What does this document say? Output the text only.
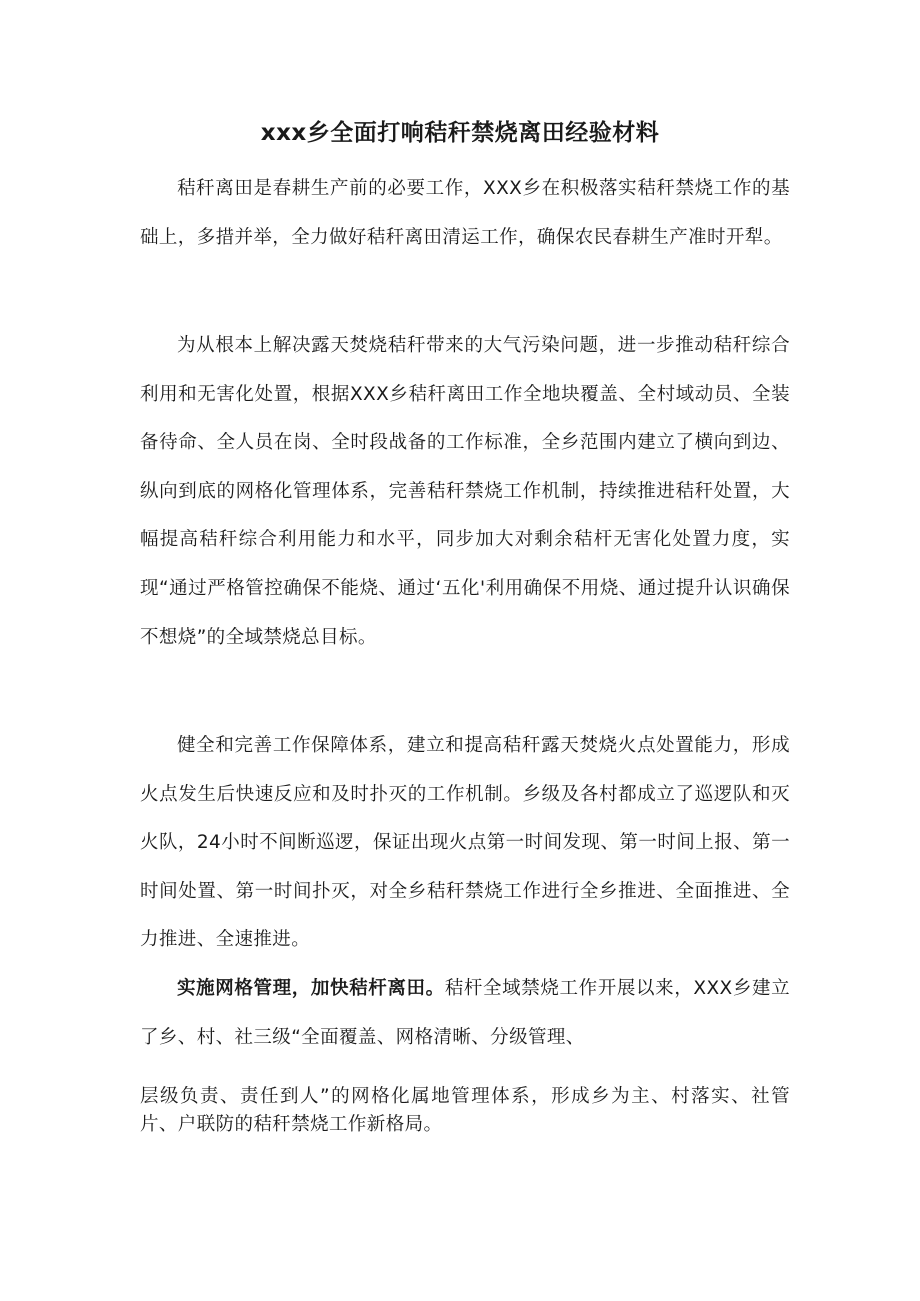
xxx乡全面打响秸秆禁烧离田经验材料

秸秆离田是春耕生产前的必要工作，XXX乡在积极落实秸秆禁烧工作的基础上，多措并举，全力做好秸秆离田清运工作，确保农民春耕生产准时开犁。

为从根本上解决露天焚烧秸秆带来的大气污染问题，进一步推动秸秆综合利用和无害化处置，根据XXX乡秸秆离田工作全地块覆盖、全村域动员、全装备待命、全人员在岗、全时段战备的工作标准，全乡范围内建立了横向到边、纵向到底的网格化管理体系，完善秸秆禁烧工作机制，持续推进秸秆处置，大幅提高秸秆综合利用能力和水平，同步加大对剩余秸杆无害化处置力度，实现“通过严格管控确保不能烧、通过‘五化'利用确保不用烧、通过提升认识确保不想烧”的全域禁烧总目标。

健全和完善工作保障体系，建立和提高秸秆露天焚烧火点处置能力，形成火点发生后快速反应和及时扑灭的工作机制。乡级及各村都成立了巡逻队和灭火队，24小时不间断巡逻，保证出现火点第一时间发现、第一时间上报、第一时间处置、第一时间扑灭，对全乡秸秆禁烧工作进行全乡推进、全面推进、全力推进、全速推进。

实施网格管理，加快秸杆离田。秸杆全域禁烧工作开展以来，XXX乡建立了乡、村、社三级“全面覆盖、网格清晰、分级管理、

层级负责、责任到人”的网格化属地管理体系，形成乡为主、村落实、社管片、户联防的秸秆禁烧工作新格局。
